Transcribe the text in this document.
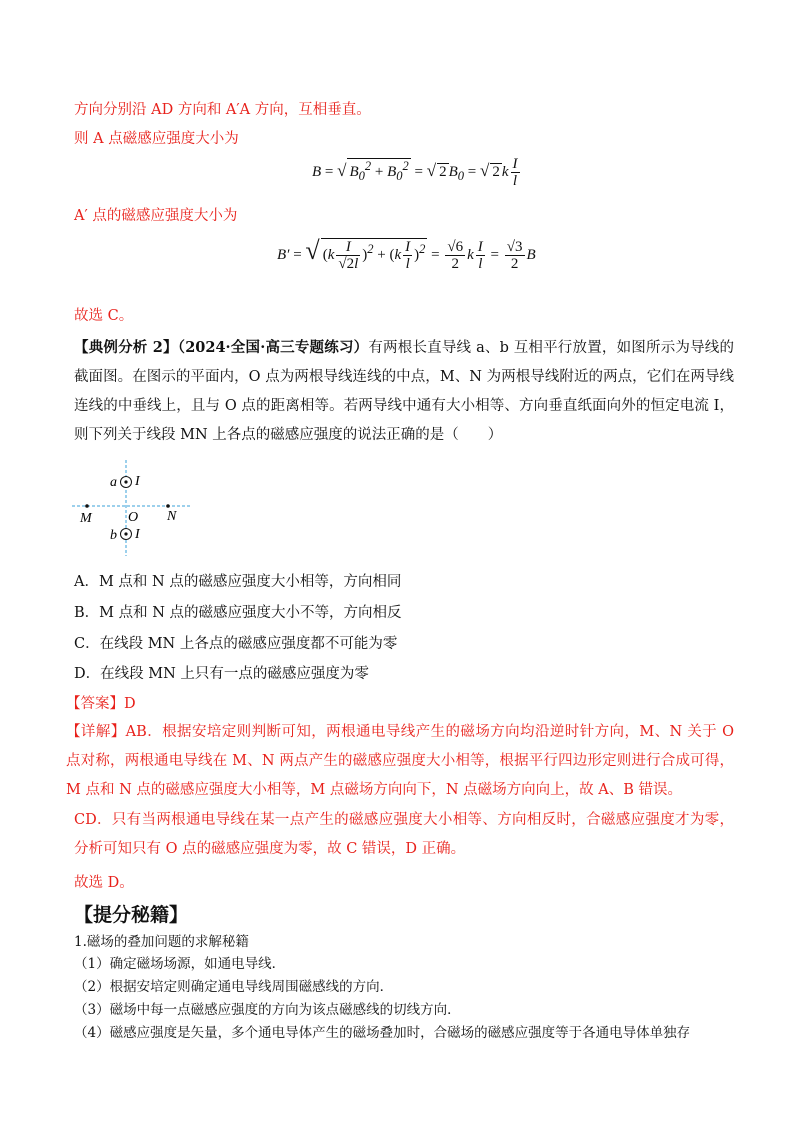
方向分别沿 AD 方向和 A′A 方向，互相垂直。
则 A 点磁感应强度大小为
B = √ $B_0^2 + B_0^2$ = √ 2 $B_0$ = √ 2 k $\frac{I}{l}$
A′ 点的磁感应强度大小为
B′ = √ $(k \frac{I}{√2l} )^2 + (k \frac{I}{l} )^2 = \frac{√6}{2}$ k $\frac{I}{l} = \frac{√3}{2}$ B
故选 C。
【典例分析 2】（2024·全国·高三专题练习）有两根长直导线 a、b 互相平行放置，如图所示为导线的截面图。在图示的平面内，O 点为两根导线连线的中点，M、N 为两根导线附近的两点，它们在两导线连线的中垂线上，且与 O 点的距离相等。若两导线中通有大小相等、方向垂直纸面向外的恒定电流 I，则下列关于线段 MN 上各点的磁感应强度的说法正确的是（　　）
a I
b I
M	N
O
A．M 点和 N 点的磁感应强度大小相等，方向相同
B．M 点和 N 点的磁感应强度大小不等，方向相反
C．在线段 MN 上各点的磁感应强度都不可能为零
D．在线段 MN 上只有一点的磁感应强度为零
【答案】D
【详解】AB．根据安培定则判断可知，两根通电导线产生的磁场方向均沿逆时针方向，M、N 关于 O 点对称，两根通电导线在 M、N 两点产生的磁感应强度大小相等，根据平行四边形定则进行合成可得，M 点和 N 点的磁感应强度大小相等，M 点磁场方向向下，N 点磁场方向向上，故 A、B 错误。
CD．只有当两根通电导线在某一点产生的磁感应强度大小相等、方向相反时，合磁感应强度才为零，分析可知只有 O 点的磁感应强度为零，故 C 错误，D 正确。
故选 D。
【提分秘籍】
1.磁场的叠加问题的求解秘籍
（1）确定磁场场源，如通电导线．
（2）根据安培定则确定通电导线周围磁感线的方向．
（3）磁场中每一点磁感应强度的方向为该点磁感线的切线方向．
（4）磁感应强度是矢量，多个通电导体产生的磁场叠加时，合磁场的磁感应强度等于各通电导体单独存
B = √(B₀² + B₀²) = √2 B₀ = √2 k I/l
B′ = √((k I/(√2 l))² + (k I/l)²) = (√6/2) k I/l = (√3/2) B
